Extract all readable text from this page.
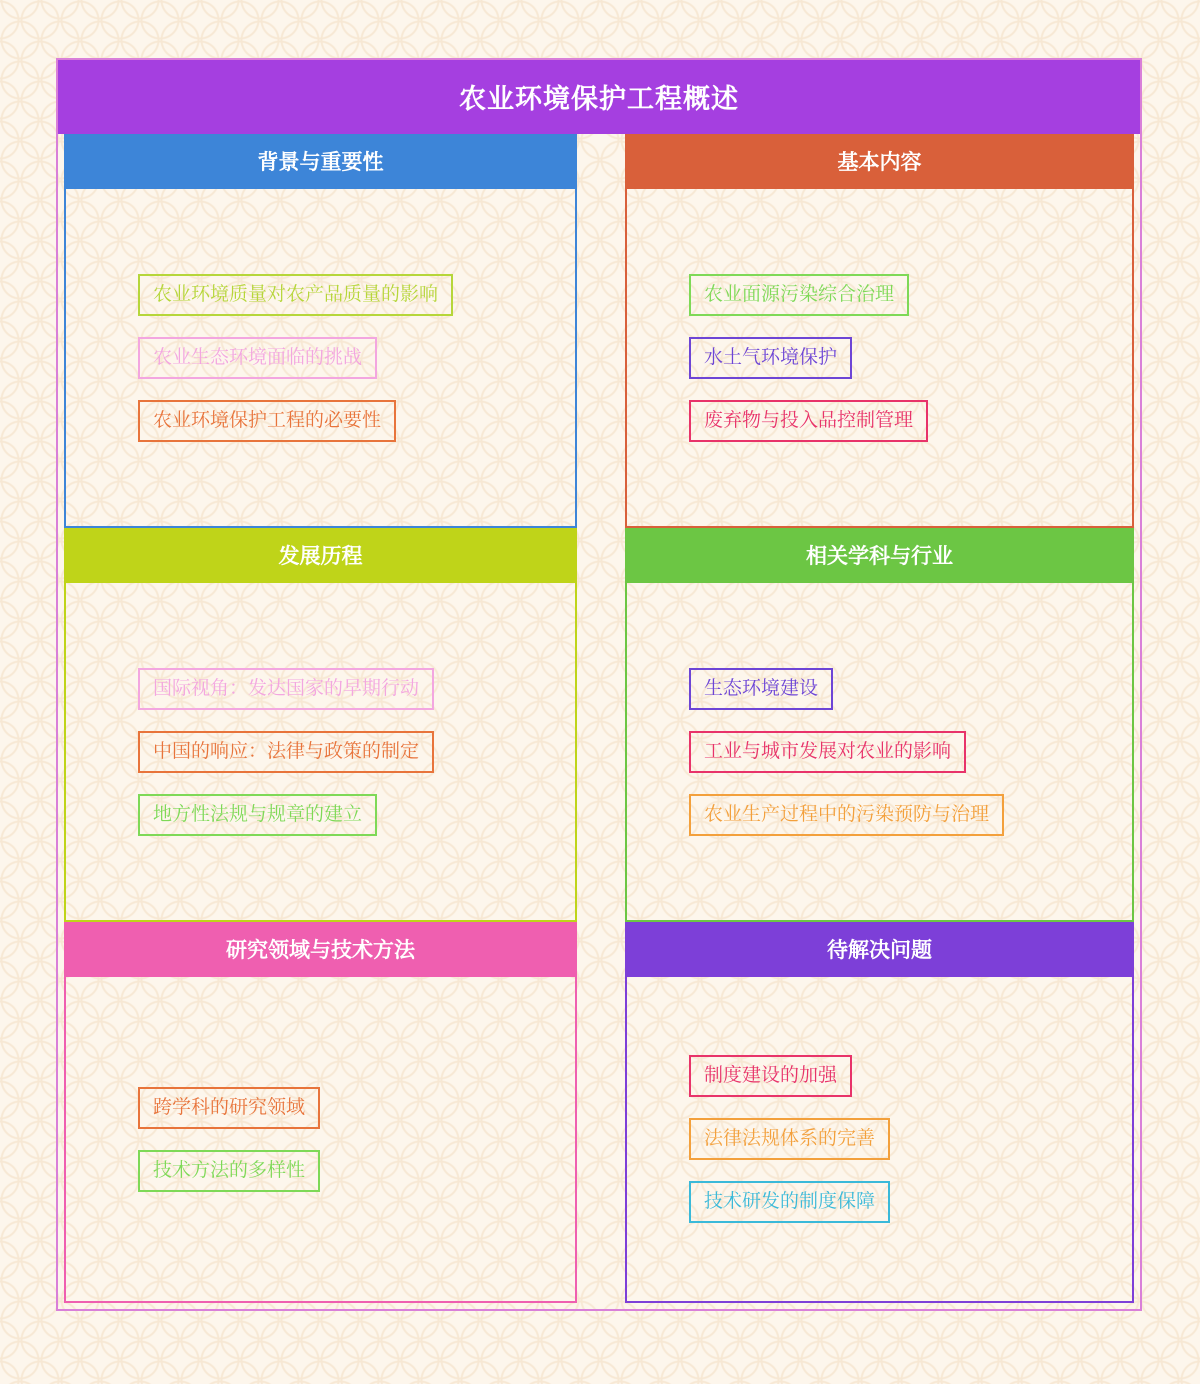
农业环境保护工程概述
背景与重要性
农业环境质量对农产品质量的影响
农业生态环境面临的挑战
农业环境保护工程的必要性
发展历程
国际视角：发达国家的早期行动
中国的响应：法律与政策的制定
地方性法规与规章的建立
研究领域与技术方法
跨学科的研究领域
技术方法的多样性
基本内容
农业面源污染综合治理
水土气环境保护
废弃物与投入品控制管理
相关学科与行业
生态环境建设
工业与城市发展对农业的影响
农业生产过程中的污染预防与治理
待解决问题
制度建设的加强
法律法规体系的完善
技术研发的制度保障
